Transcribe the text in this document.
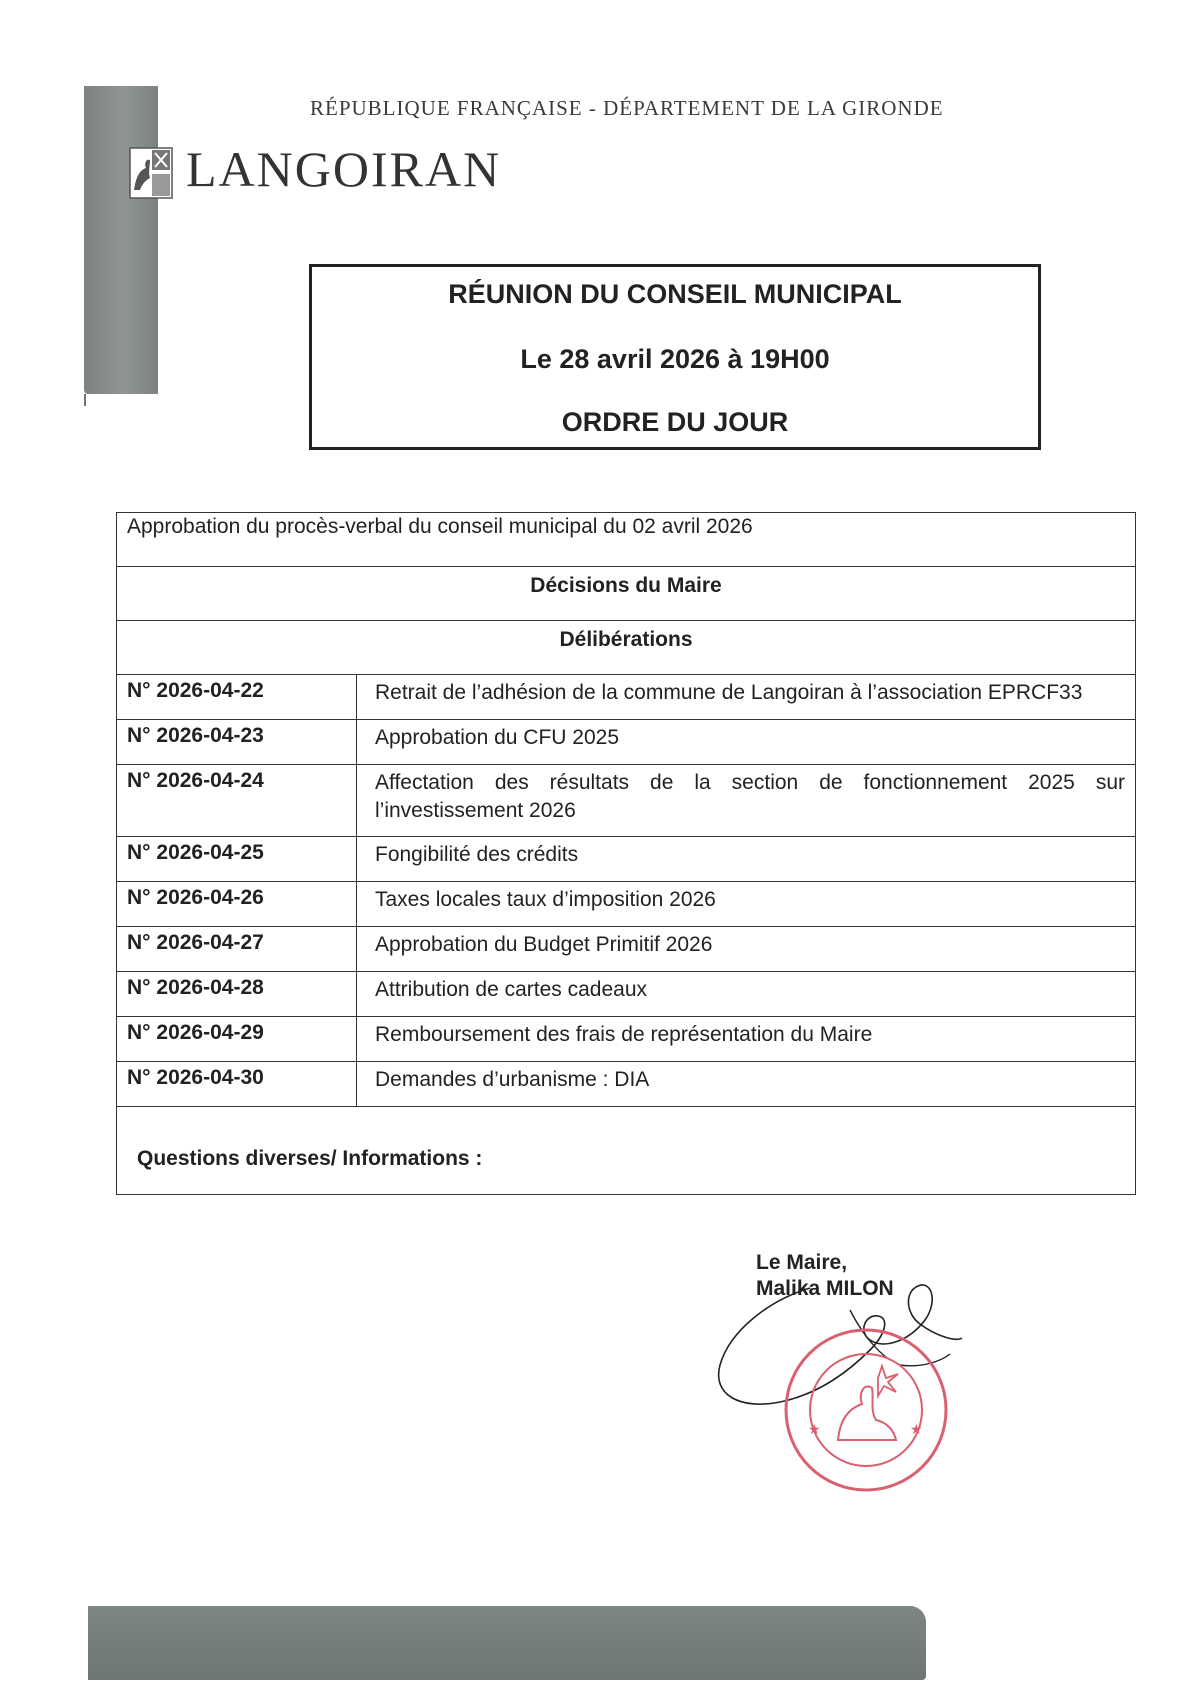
RÉPUBLIQUE FRANÇAISE - DÉPARTEMENT DE LA GIRONDE
LANGOIRAN
RÉUNION DU CONSEIL MUNICIPAL
Le 28 avril 2026 à 19H00
ORDRE DU JOUR
Approbation du procès-verbal du conseil municipal du 02 avril 2026	
Décisions du Maire	
Délibérations	
N° 2026-04-22	Retrait de l’adhésion de la commune de Langoiran à l’association EPRCF33
N° 2026-04-23	Approbation du CFU 2025
N° 2026-04-24	Affectation des résultats de la section de fonctionnement 2025 sur l’investissement 2026
N° 2026-04-25	Fongibilité des crédits
N° 2026-04-26	Taxes locales taux d’imposition 2026
N° 2026-04-27	Approbation du Budget Primitif 2026
N° 2026-04-28	Attribution de cartes cadeaux
N° 2026-04-29	Remboursement des frais de représentation du Maire
N° 2026-04-30	Demandes d’urbanisme : DIA
Questions diverses/ Informations :	
Le Maire,
Malika MILON
★	★
